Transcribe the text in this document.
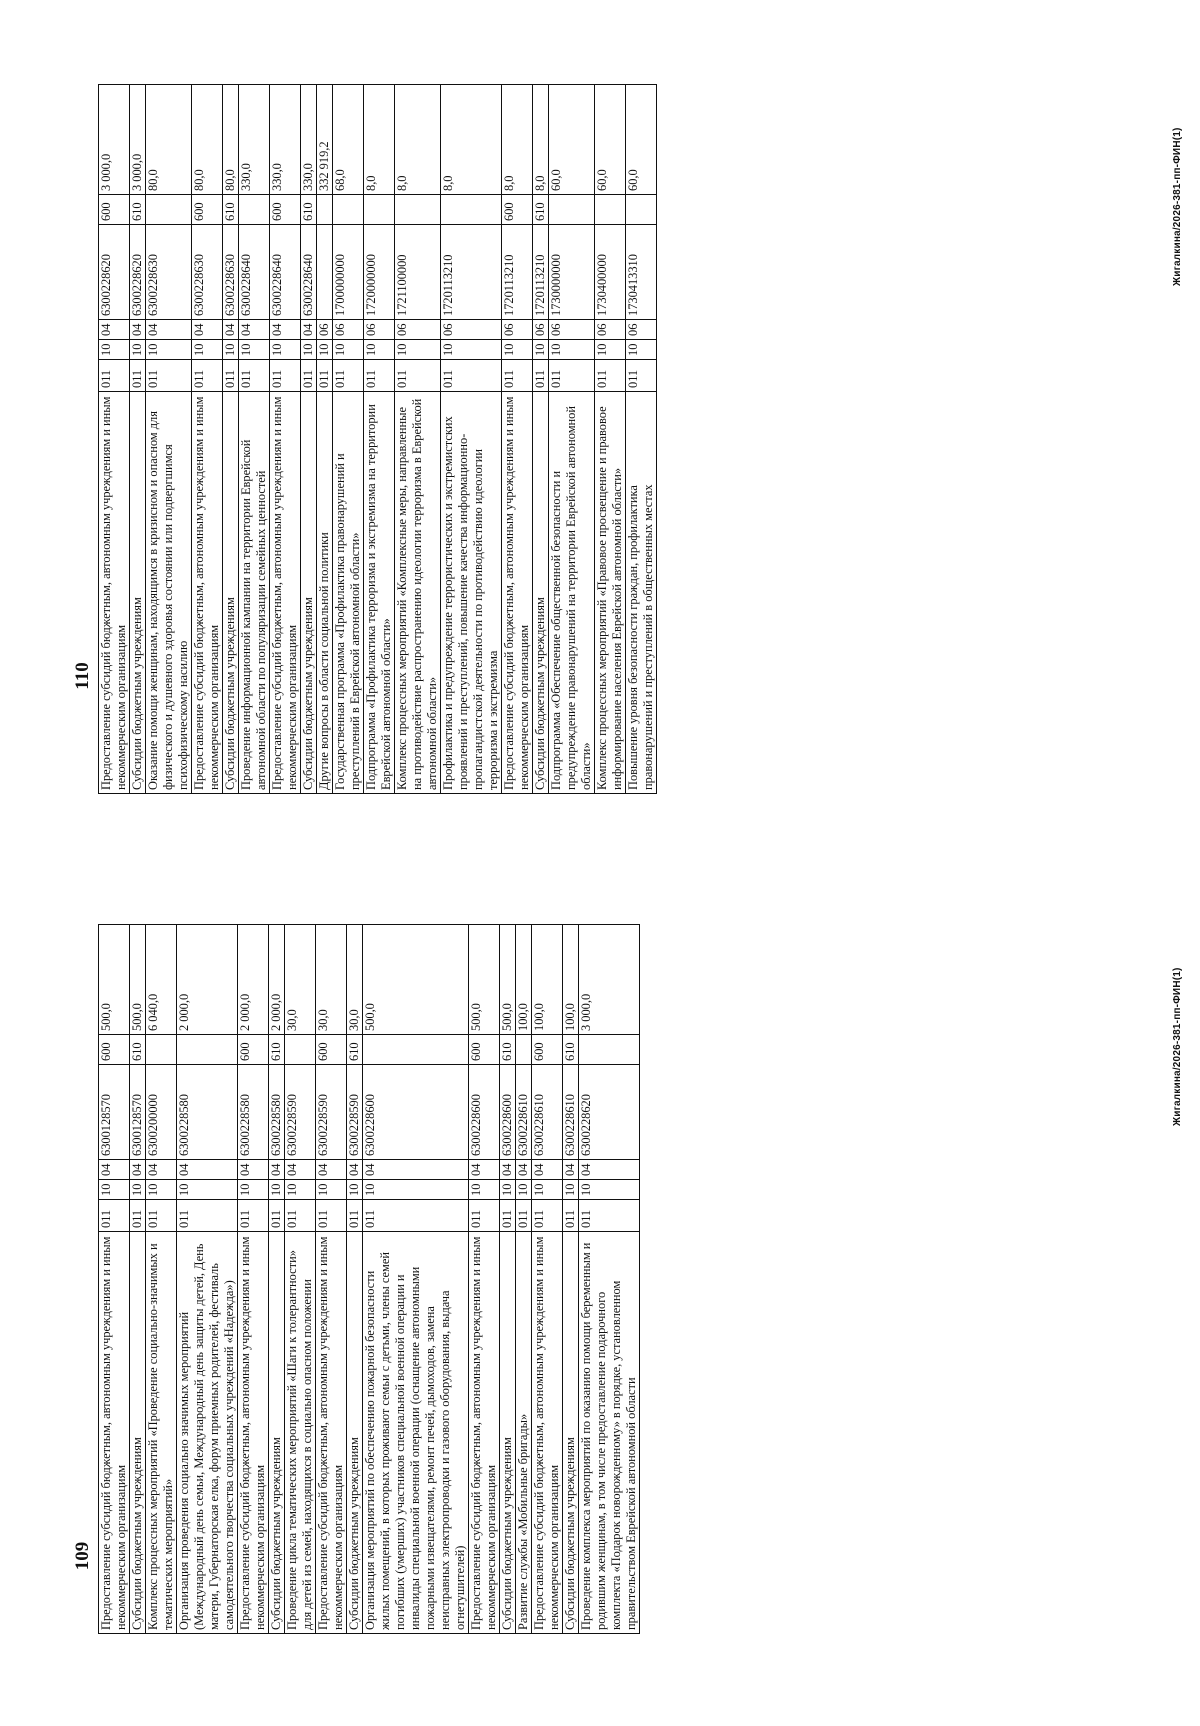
109 Предоставление субсидий бюджетным, автономным учреждениям и иным некоммерческим организациям	011	10	04	6300128570	600	500,0
Субсидии бюджетным учреждениям	011	10	04	6300128570	610	500,0
Комплекс процессных мероприятий «Проведение социально-значимых и тематических мероприятий»	011	10	04	6300200000		6 040,0
Организация проведения социально значимых мероприятий (Международный день семьи, Международный день защиты детей, День матери, Губернаторская елка, форум приемных родителей, фестиваль самодеятельного творчества социальных учреждений «Надежда»)	011	10	04	6300228580		2 000,0
Предоставление субсидий бюджетным, автономным учреждениям и иным некоммерческим организациям	011	10	04	6300228580	600	2 000,0
Субсидии бюджетным учреждениям	011	10	04	6300228580	610	2 000,0
Проведение цикла тематических мероприятий «Шаги к толерантности» для детей из семей, находящихся в социально опасном положении	011	10	04	6300228590		30,0
Предоставление субсидий бюджетным, автономным учреждениям и иным некоммерческим организациям	011	10	04	6300228590	600	30,0
Субсидии бюджетным учреждениям	011	10	04	6300228590	610	30,0
Организация мероприятий по обеспечению пожарной безопасности жилых помещений, в которых проживают семьи с детьми, члены семей погибших (умерших) участников специальной военной операции и инвалиды специальной военной операции (оснащение автономными пожарными извещателями, ремонт печей, дымоходов, замена неисправных электропроводки и газового оборудования, выдача огнетушителей)	011	10	04	6300228600		500,0
Предоставление субсидий бюджетным, автономным учреждениям и иным некоммерческим организациям	011	10	04	6300228600	600	500,0
Субсидии бюджетным учреждениям	011	10	04	6300228600	610	500,0
Развитие службы «Мобильные бригады»	011	10	04	6300228610		100,0
Предоставление субсидий бюджетным, автономным учреждениям и иным некоммерческим организациям	011	10	04	6300228610	600	100,0
Субсидии бюджетным учреждениям	011	10	04	6300228610	610	100,0
Проведение комплекса мероприятий по оказанию помощи беременным и родившим женщинам, в том числе предоставление подарочного комплекта «Подарок новорожденному» в порядке, установленном правительством Еврейской автономной области	011	10	04	6300228620		3 000,0	Жигалкина/2026-381-пп-ФИН(1)
110 Предоставление субсидий бюджетным, автономным учреждениям и иным некоммерческим организациям	011	10	04	6300228620	600	3 000,0
Субсидии бюджетным учреждениям	011	10	04	6300228620	610	3 000,0
Оказание помощи женщинам, находящимся в кризисном и опасном для физического и душевного здоровья состоянии или подвергшимся психофизическому насилию	011	10	04	6300228630		80,0
Предоставление субсидий бюджетным, автономным учреждениям и иным некоммерческим организациям	011	10	04	6300228630	600	80,0
Субсидии бюджетным учреждениям	011	10	04	6300228630	610	80,0
Проведение информационной кампании на территории Еврейской автономной области по популяризации семейных ценностей	011	10	04	6300228640		330,0
Предоставление субсидий бюджетным, автономным учреждениям и иным некоммерческим организациям	011	10	04	6300228640	600	330,0
Субсидии бюджетным учреждениям	011	10	04	6300228640	610	330,0
Другие вопросы в области социальной политики	011	10	06			332 919,2
Государственная программа «Профилактика правонарушений и преступлений в Еврейской автономной области»	011	10	06	1700000000		68,0
Подпрограмма «Профилактика терроризма и экстремизма на территории Еврейской автономной области»	011	10	06	1720000000		8,0
Комплекс процессных мероприятий «Комплексные меры, направленные на противодействие распространению идеологии терроризма в Еврейской автономной области»	011	10	06	1721100000		8,0
Профилактика и предупреждение террористических и экстремистских проявлений и преступлений, повышение качества информационно-пропагандистской деятельности по противодействию идеологии терроризма и экстремизма	011	10	06	1720113210		8,0
Предоставление субсидий бюджетным, автономным учреждениям и иным некоммерческим организациям	011	10	06	1720113210	600	8,0
Субсидии бюджетным учреждениям	011	10	06	1720113210	610	8,0
Подпрограмма «Обеспечение общественной безопасности и предупреждение правонарушений на территории Еврейской автономной области»	011	10	06	1730000000		60,0
Комплекс процессных мероприятий «Правовое просвещение и правовое информирование населения Еврейской автономной области»	011	10	06	1730400000		60,0
Повышение уровня безопасности граждан, профилактика правонарушений и преступлений в общественных местах	011	10	06	1730413310		60,0	Жигалкина/2026-381-пп-ФИН(1)
